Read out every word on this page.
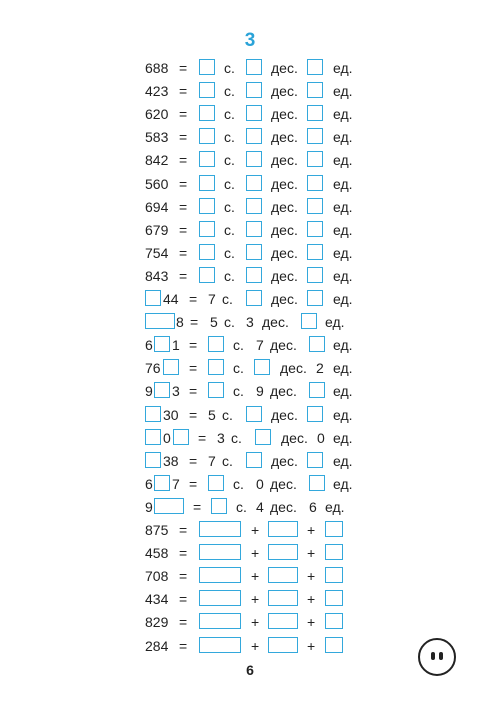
3
688 =	с.	дес.	ед.
423 =	с.	дес.	ед.
620 =	с.	дес.	ед.
583 =	с.	дес.	ед.
842 =	с.	дес.	ед.
560 =	с.	дес.	ед.
694 =	с.	дес.	ед.
679 =	с.	дес.	ед.
754 =	с.	дес.	ед.
843 =	с.	дес.	ед.
44 = 7 с.	дес.	ед.
8 = 5 с. 3 дес.	ед.
6 1 =	с. 7 дес.	ед.
76 =	с.	дес. 2 ед.
9 3 =	с. 9 дес.	ед.
30 = 5 с.	дес.	ед.
0 = 3 с.	дес. 0 ед.
38 = 7 с.	дес.	ед.
6 7 =	с. 0 дес.	ед.
9	= с. 4 дес. 6 ед.
875 =	+	+
458 =	+	+
708 =	+	+
434 =	+	+
829 =	+	+
284 =	+	+
6
